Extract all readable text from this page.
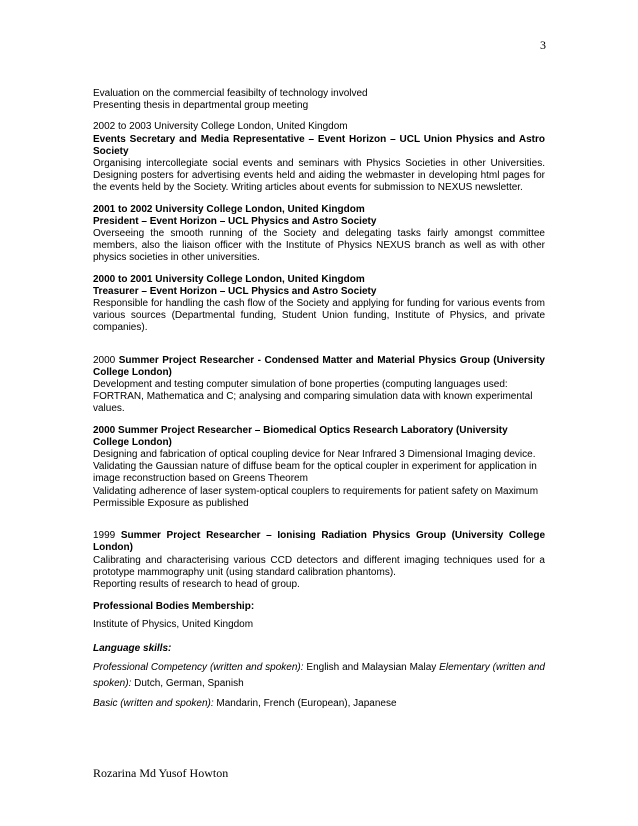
3

Evaluation on the commercial feasibilty of technology involved

Presenting thesis in departmental group meeting

2002 to 2003 University College London, United Kingdom

Events Secretary and Media Representative – Event Horizon – UCL Union Physics and Astro Society

Organising intercollegiate social events and seminars with Physics Societies in other Universities. Designing posters for advertising events held and aiding the webmaster in developing html pages for the events held by the Society. Writing articles about events for submission to NEXUS newsletter.

2001 to 2002 University College London, United Kingdom

President – Event Horizon – UCL Physics and Astro Society

Overseeing the smooth running of the Society and delegating tasks fairly amongst committee members, also the liaison officer with the Institute of Physics NEXUS branch as well as with other physics societies in other universities.

2000 to 2001 University College London, United Kingdom

Treasurer – Event Horizon – UCL Physics and Astro Society

Responsible for handling the cash flow of the Society and applying for funding for various events from various sources (Departmental funding, Student Union funding, Institute of Physics, and private companies).

2000 Summer Project Researcher - Condensed Matter and Material Physics Group (University College London)

Development and testing computer simulation of bone properties (computing languages used: FORTRAN, Mathematica and C; analysing and comparing simulation data with known experimental values.

2000 Summer Project Researcher – Biomedical Optics Research Laboratory (University College London)

Designing and fabrication of optical coupling device for Near Infrared 3 Dimensional Imaging device.

Validating the Gaussian nature of diffuse beam for the optical coupler in experiment for application in image reconstruction based on Greens Theorem

Validating adherence of laser system-optical couplers to requirements for patient safety on Maximum Permissible Exposure as published

1999 Summer Project Researcher – Ionising Radiation Physics Group (University College London)

Calibrating and characterising various CCD detectors and different imaging techniques used for a prototype mammography unit (using standard calibration phantoms).

Reporting results of research to head of group.

Professional Bodies Membership:

Institute of Physics, United Kingdom

Language skills:

Professional Competency (written and spoken): English and Malaysian Malay Elementary (written and spoken): Dutch, German, Spanish

Basic (written and spoken): Mandarin, French (European), Japanese

Rozarina Md Yusof Howton
